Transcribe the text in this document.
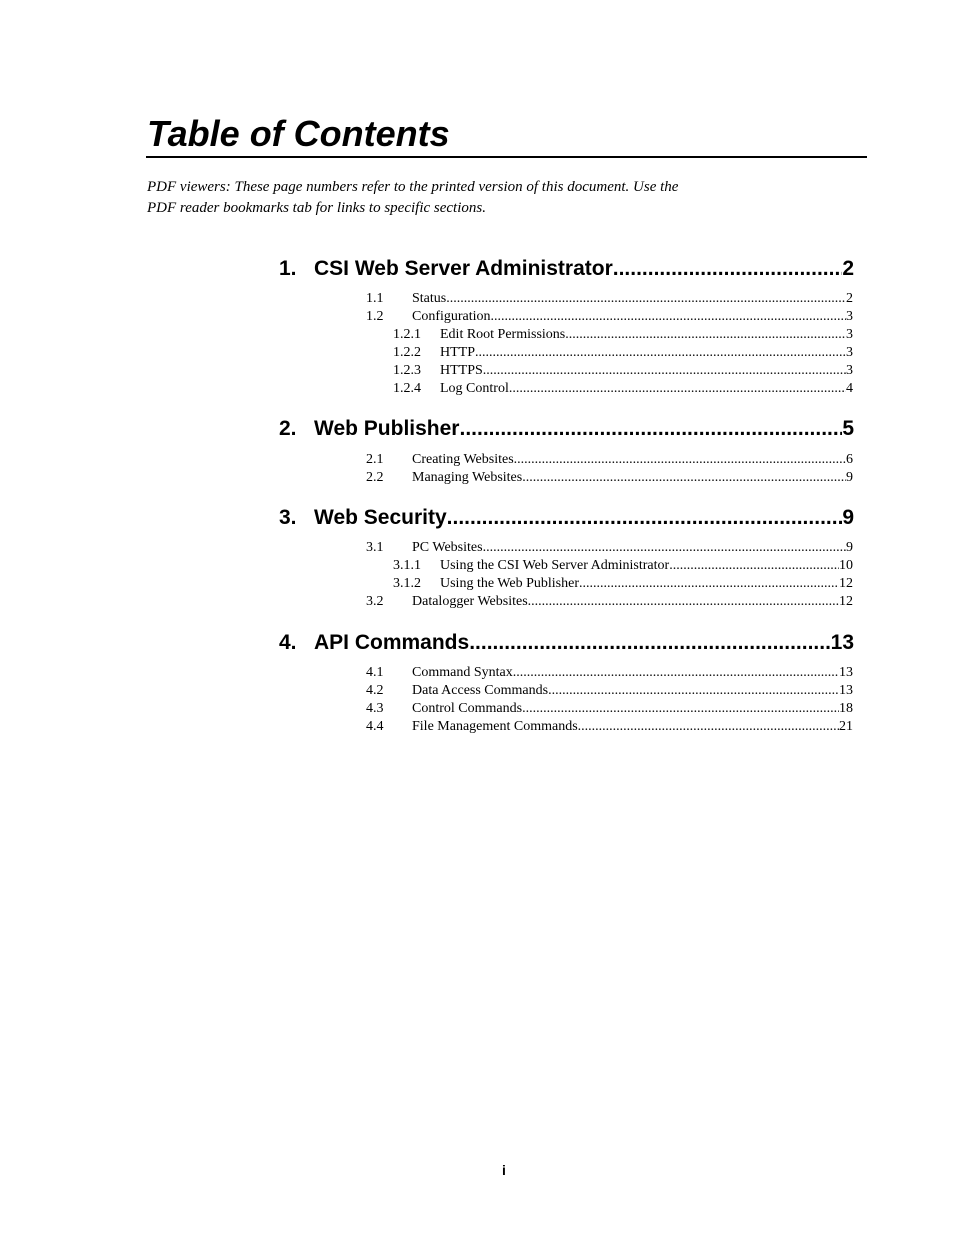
Table of Contents

PDF viewers: These page numbers refer to the printed version of this document. Use the
PDF reader bookmarks tab for links to specific sections.

1. CSI Web Server Administrator .....	2
1.1	Status .....	2
1.2	Configuration .....	3
1.2.1	Edit Root Permissions .....	3
1.2.2	HTTP .....	3
1.2.3	HTTPS .....	3
1.2.4	Log Control .....	4
2. Web Publisher .....	5
2.1	Creating Websites .....	6
2.2	Managing Websites .....	9
3. Web Security .....	9
3.1	PC Websites .....	9
3.1.1	Using the CSI Web Server Administrator .....	10
3.1.2	Using the Web Publisher .....	12
3.2	Datalogger Websites .....	12
4. API Commands .....	13
4.1	Command Syntax .....	13
4.2	Data Access Commands .....	13
4.3	Control Commands .....	18
4.4	File Management Commands .....	21
i
